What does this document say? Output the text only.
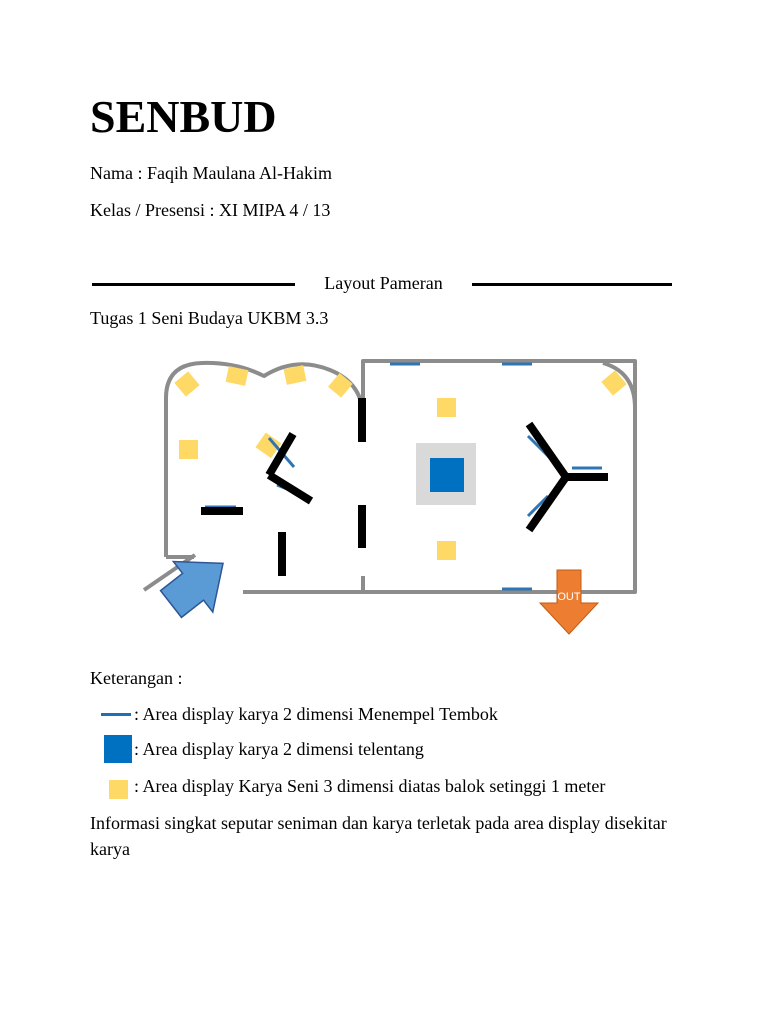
SENBUD
Nama : Faqih Maulana Al-Hakim
Kelas / Presensi : XI MIPA 4 / 13
Layout Pameran
Tugas 1 Seni Budaya UKBM 3.3
OUT
Keterangan :
: Area display karya 2 dimensi Menempel Tembok
: Area display karya 2 dimensi telentang
: Area display Karya Seni 3 dimensi diatas balok setinggi 1 meter
Informasi singkat seputar seniman dan karya terletak pada area display disekitar karya
